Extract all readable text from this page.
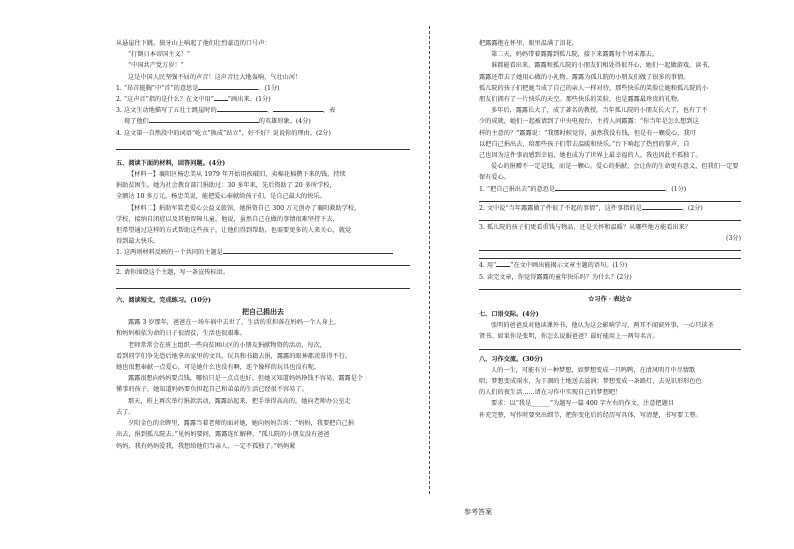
从悬崖往下跳。狼牙山上响起了他们壮烈豪迈的口号声：

“打倒日本帝国主义！”

“中国共产党万岁！”

这是中国人民坚强不屈的声音！这声音壮大地轰响，气壮山河！

1. “昂首挺胸”中“首”的意思是	。(1分)

2. “这声音”指的是什么？在文中用“ ”画出来。(1分)

3. 这文生动地描写了五壮士跳崖时的	、	，表

现了他们	的英雄形象。(4分)

4. 这文第一自然段中的词语“屹立”换成“站立”，好不好？说说你的理由。(2分)

五、阅读下面的材料，回答问题。(4分)

【材料一】襄阳区杨忠美从 1979 年开始用挨破旧，卖棉花棉攒下来的钱，持续

捐助贫困生。她为社会教育部门捐助过：30 多年来，先后资助了 20 多所学校，

全额达 10 多万元。杨忠美说，能把爱心奉献给孩子们，是自己最大的快乐。

【材料二】捐助军装老爱心公益义旅馆，她捐资自己 300 万元创办了襄阳救助学校，

学校，接纳自闭症以及其他智障儿童。他说，虽然自己在做的事情很难坚持下去，

但希望通过这样的方式帮助这些孩子，让他们得到帮助，也需要更多的人来关心，就觉

得到最大快乐。

1. 这两则材料反映的一个共同的主题是

2. 请你围绕这个主题，写一条宣传标语。

六、阅读短文，完成练习。(10分)

把自己捐出去

露露 3 岁那年，爸爸在一场车祸中去世了，生活的重担落在妈妈一个人身上，

和妈妈相依为命的日子很清贫，生活也很艰难。

老师常常会在班上组织一些向贫困山区的小朋友捐献物资的活动，每次，

看到同学们争先恐后地拿出家里的文具、玩具和书籍去捐，露露的眼神都羡慕得不行。

她也很想奉献一点爱心，可是她什么也没有啊，连个像样的玩具也没有呢。

露露很想向妈妈要点钱，哪怕只是一点点也好。但她又知道妈妈挣钱不容易，露露是个

懂事的孩子，她知道妈妈要负担起自己和弟弟的生活已经很不容易了。

那天，班上再次举行捐款活动，露露站起来，把手举得高高的，她向老师办公室走

去了。

夕阳金色的余晖里，露露当着老师的面对她，她向妈妈告诉：“妈妈，我要把自己捐

出去，捐到孤儿院去。”见妈妈要问，露露连忙解释，“孤儿院的小朋友没有爸爸

妈妈，我有妈妈爱我，我想给他们当亲人，一定不孤独了。”妈妈紧

把露露抱在怀里，眼里温满了泪花。

第二天，妈妈带着露露到孤儿院，接下来露露每个周末都去。

谁都能看出来，露露和孤儿院的小朋友们相处得很开心，她们一起做游戏，读书，

露露还带去了她用心做的小礼物。露露为孤儿院的小朋友们做了很多的事情。

孤儿院的孩子们把她当成了自己的亲人一样对待，那些快乐的笑脸让她和孤儿院的小

朋友们拥有了一片快乐的天空。那些快乐的笑脸，也是露露最珍贵的礼物。

多年后，露露长大了，成了著名的教授。当年孤儿院的小朋友长大了，也有了不

少的成就，她们一起被请到了中央电视台，主持人问露露：“你当年是怎么想到这

样的主意的？”露露说：“我那时候觉得，虽然我没有钱，但是有一颗爱心，我可

以把自己捐出去，给那些孩子们带去温暖和快乐。”台下响起了热烈的掌声，自

己也因为这件事而感到幸福，她也成为了世界上最幸福的人。我也因此不孤独了。

爱心的捐赠不一定是钱，而是一颗心。爱心的捐献，会让你的生命更有意义，但我们一定要

保有爱心。

1. “把自己捐出去”的意思是	。(1分)

2. 文中说“当年露露做了件很了不起的事情”，这件事指的是	。(2分)

3. 孤儿院的孩子们更看重钱与物品，还是关怀和温暖？从哪些地方能看出来？

(3分)

4. 用“ ”在文中画出能揭示文章主题的语句。(1分)

5. 读完文章，你觉得露露的童年快乐吗？为什么？(2分)

☆习作 · 表达☆

七、口语交际。(4分)

张明的爸爸反对他读课外书，他认为这会影响学习，两耳不闻窗外事，一心只读圣

贤书。如果你是张明，你怎么说服爸爸？最好能用上一两句名言。

八、习作交流。(30分)

人的一生，可能有另一种梦想，如梦想变成一只鸣鸭，在清风明月中尽情歌

唱；梦想变成雨水，为干涸的土地送去滋润；梦想变成一条路灯，去见识形形色色

的人们的夜生活……请在习作中实现自己的梦想吧！

要求：以“我是______”为题写一篇 400 字左右的作文，注意把题目

补充完整，写作时要突出细节，把你变化后的经历写具体，写清楚，书写要工整。

参考答案
